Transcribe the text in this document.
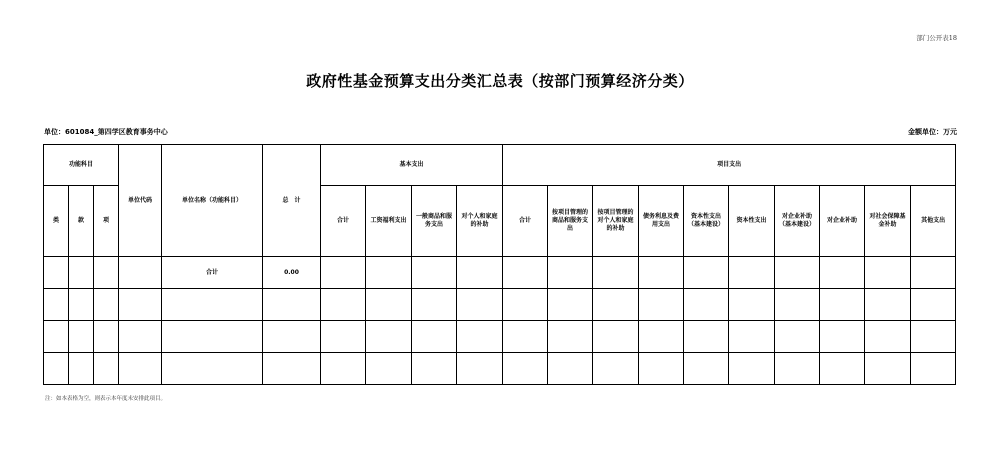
部门公开表18
政府性基金预算支出分类汇总表（按部门预算经济分类）
单位：601084_第四学区教育事务中心	金额单位：万元
功能科目			单位代码	单位名称（功能科目）	总　计	基本支出				项目支出									
类	款	项				合计	工资福利支出	一般商品和服务支出	对个人和家庭的补助	合计	按项目管理的商品和服务支出	按项目管理的对个人和家庭的补助	债务利息及费用支出	资本性支出（基本建设）	资本性支出	对企业补助（基本建设）	对企业补助	对社会保障基金补助	其他支出
				合计	0.00														

注：如本表格为空，则表示本年度未安排此项目。
